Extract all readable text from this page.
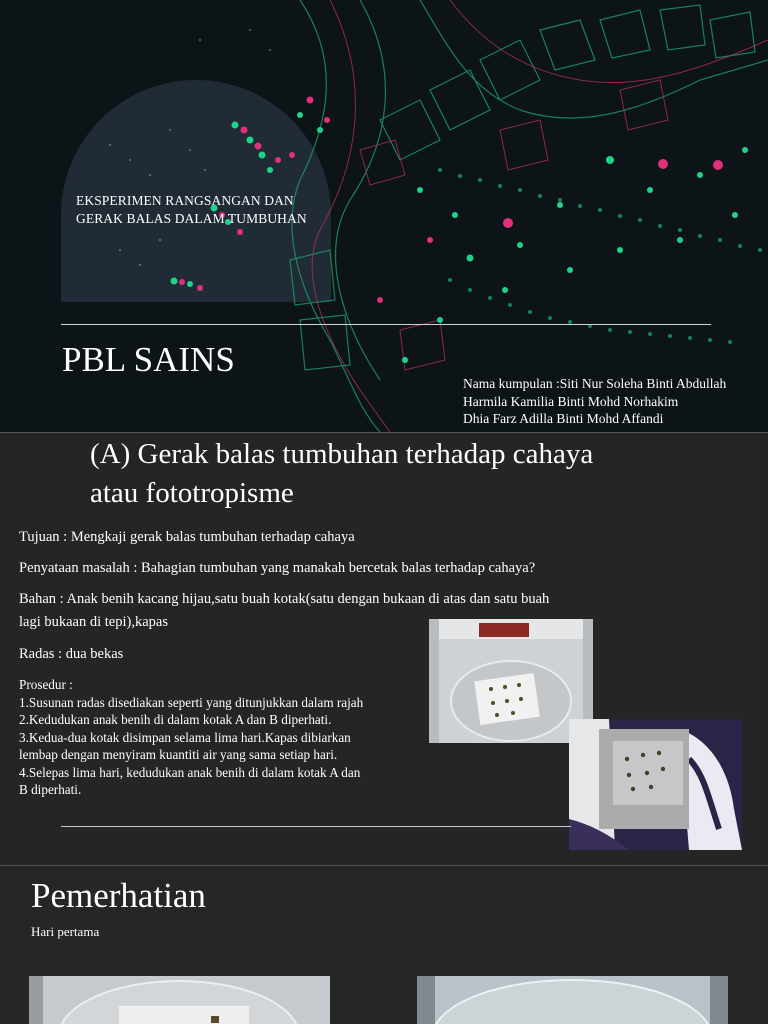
EKSPERIMEN RANGSANGAN DAN
GERAK BALAS DALAM TUMBUHAN
PBL SAINS
Nama kumpulan :Siti Nur Soleha Binti Abdullah
Harmila Kamilia Binti Mohd Norhakim
Dhia Farz Adilla Binti Mohd Affandi
(A) Gerak balas tumbuhan terhadap cahaya
atau fototropisme
Tujuan : Mengkaji gerak balas tumbuhan terhadap cahaya
Penyataan masalah : Bahagian tumbuhan yang manakah bercetak balas terhadap cahaya?
Bahan : Anak benih kacang hijau,satu buah kotak(satu dengan bukaan di atas dan satu buah
lagi bukaan di tepi),kapas
Radas : dua bekas
Prosedur :
1.Susunan radas disediakan seperti yang ditunjukkan dalam rajah
2.Kedudukan anak benih di dalam kotak A dan B diperhati.
3.Kedua-dua kotak disimpan selama lima hari.Kapas dibiarkan
lembap dengan menyiram kuantiti air yang sama setiap hari.
4.Selepas lima hari, kedudukan anak benih di dalam kotak A dan
B diperhati.
Pemerhatian
Hari pertama
